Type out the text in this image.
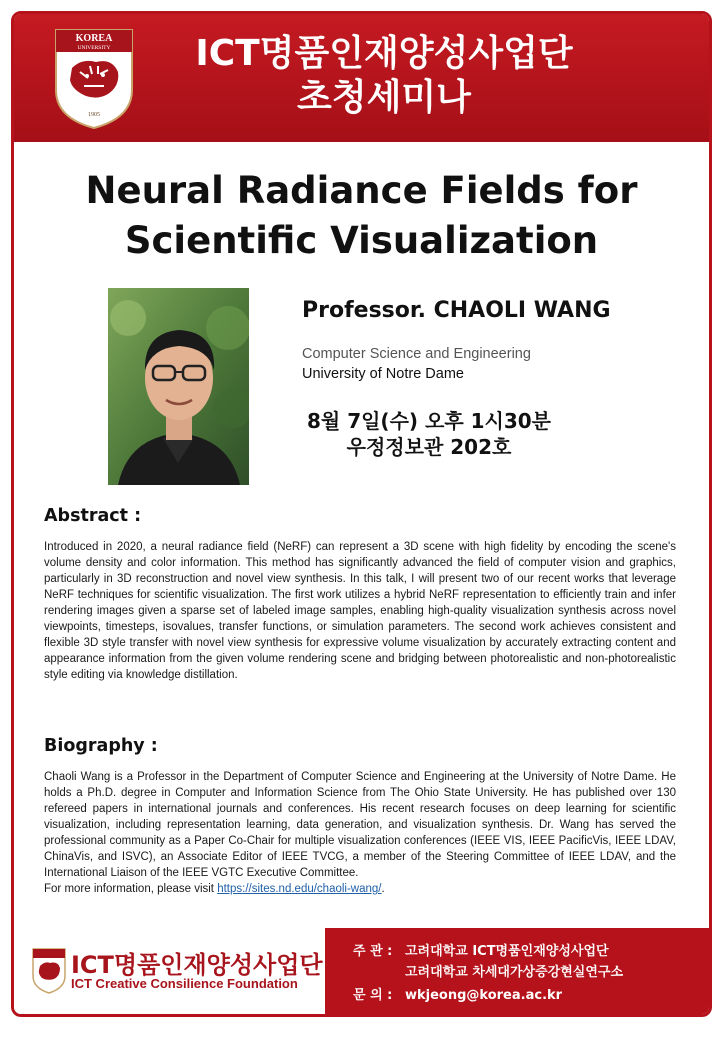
KOREA
UNIVERSITY
1905
ICT명품인재양성사업단
초청세미나
Neural Radiance Fields for
Scientific Visualization
Professor. CHAOLI WANG
Computer Science and Engineering
University of Notre Dame
8월 7일(수) 오후 1시30분
우정정보관 202호
Abstract :
Introduced in 2020, a neural radiance field (NeRF) can represent a 3D scene with high fidelity by encoding the scene's volume density and color information. This method has significantly advanced the field of computer vision and graphics, particularly in 3D reconstruction and novel view synthesis. In this talk, I will present two of our recent works that leverage NeRF techniques for scientific visualization. The first work utilizes a hybrid NeRF representation to efficiently train and infer rendering images given a sparse set of labeled image samples, enabling high-quality visualization synthesis across novel viewpoints, timesteps, isovalues, transfer functions, or simulation parameters. The second work achieves consistent and flexible 3D style transfer with novel view synthesis for expressive volume visualization by accurately extracting content and appearance information from the given volume rendering scene and bridging between photorealistic and non-photorealistic style editing via knowledge distillation.
Biography :
Chaoli Wang is a Professor in the Department of Computer Science and Engineering at the University of Notre Dame. He holds a Ph.D. degree in Computer and Information Science from The Ohio State University. He has published over 130 refereed papers in international journals and conferences. His recent research focuses on deep learning for scientific visualization, including representation learning, data generation, and visualization synthesis. Dr. Wang has served the professional community as a Paper Co-Chair for multiple visualization conferences (IEEE VIS, IEEE PacificVis, IEEE LDAV, ChinaVis, and ISVC), an Associate Editor of IEEE TVCG, a member of the Steering Committee of IEEE LDAV, and the International Liaison of the IEEE VGTC Executive Committee.
For more information, please visit https://sites.nd.edu/chaoli-wang/.
ICT명품인재양성사업단
ICT Creative Consilience Foundation
주 관 : 고려대학교 ICT명품인재양성사업단
고려대학교 차세대가상증강현실연구소
문 의 : wkjeong@korea.ac.kr
